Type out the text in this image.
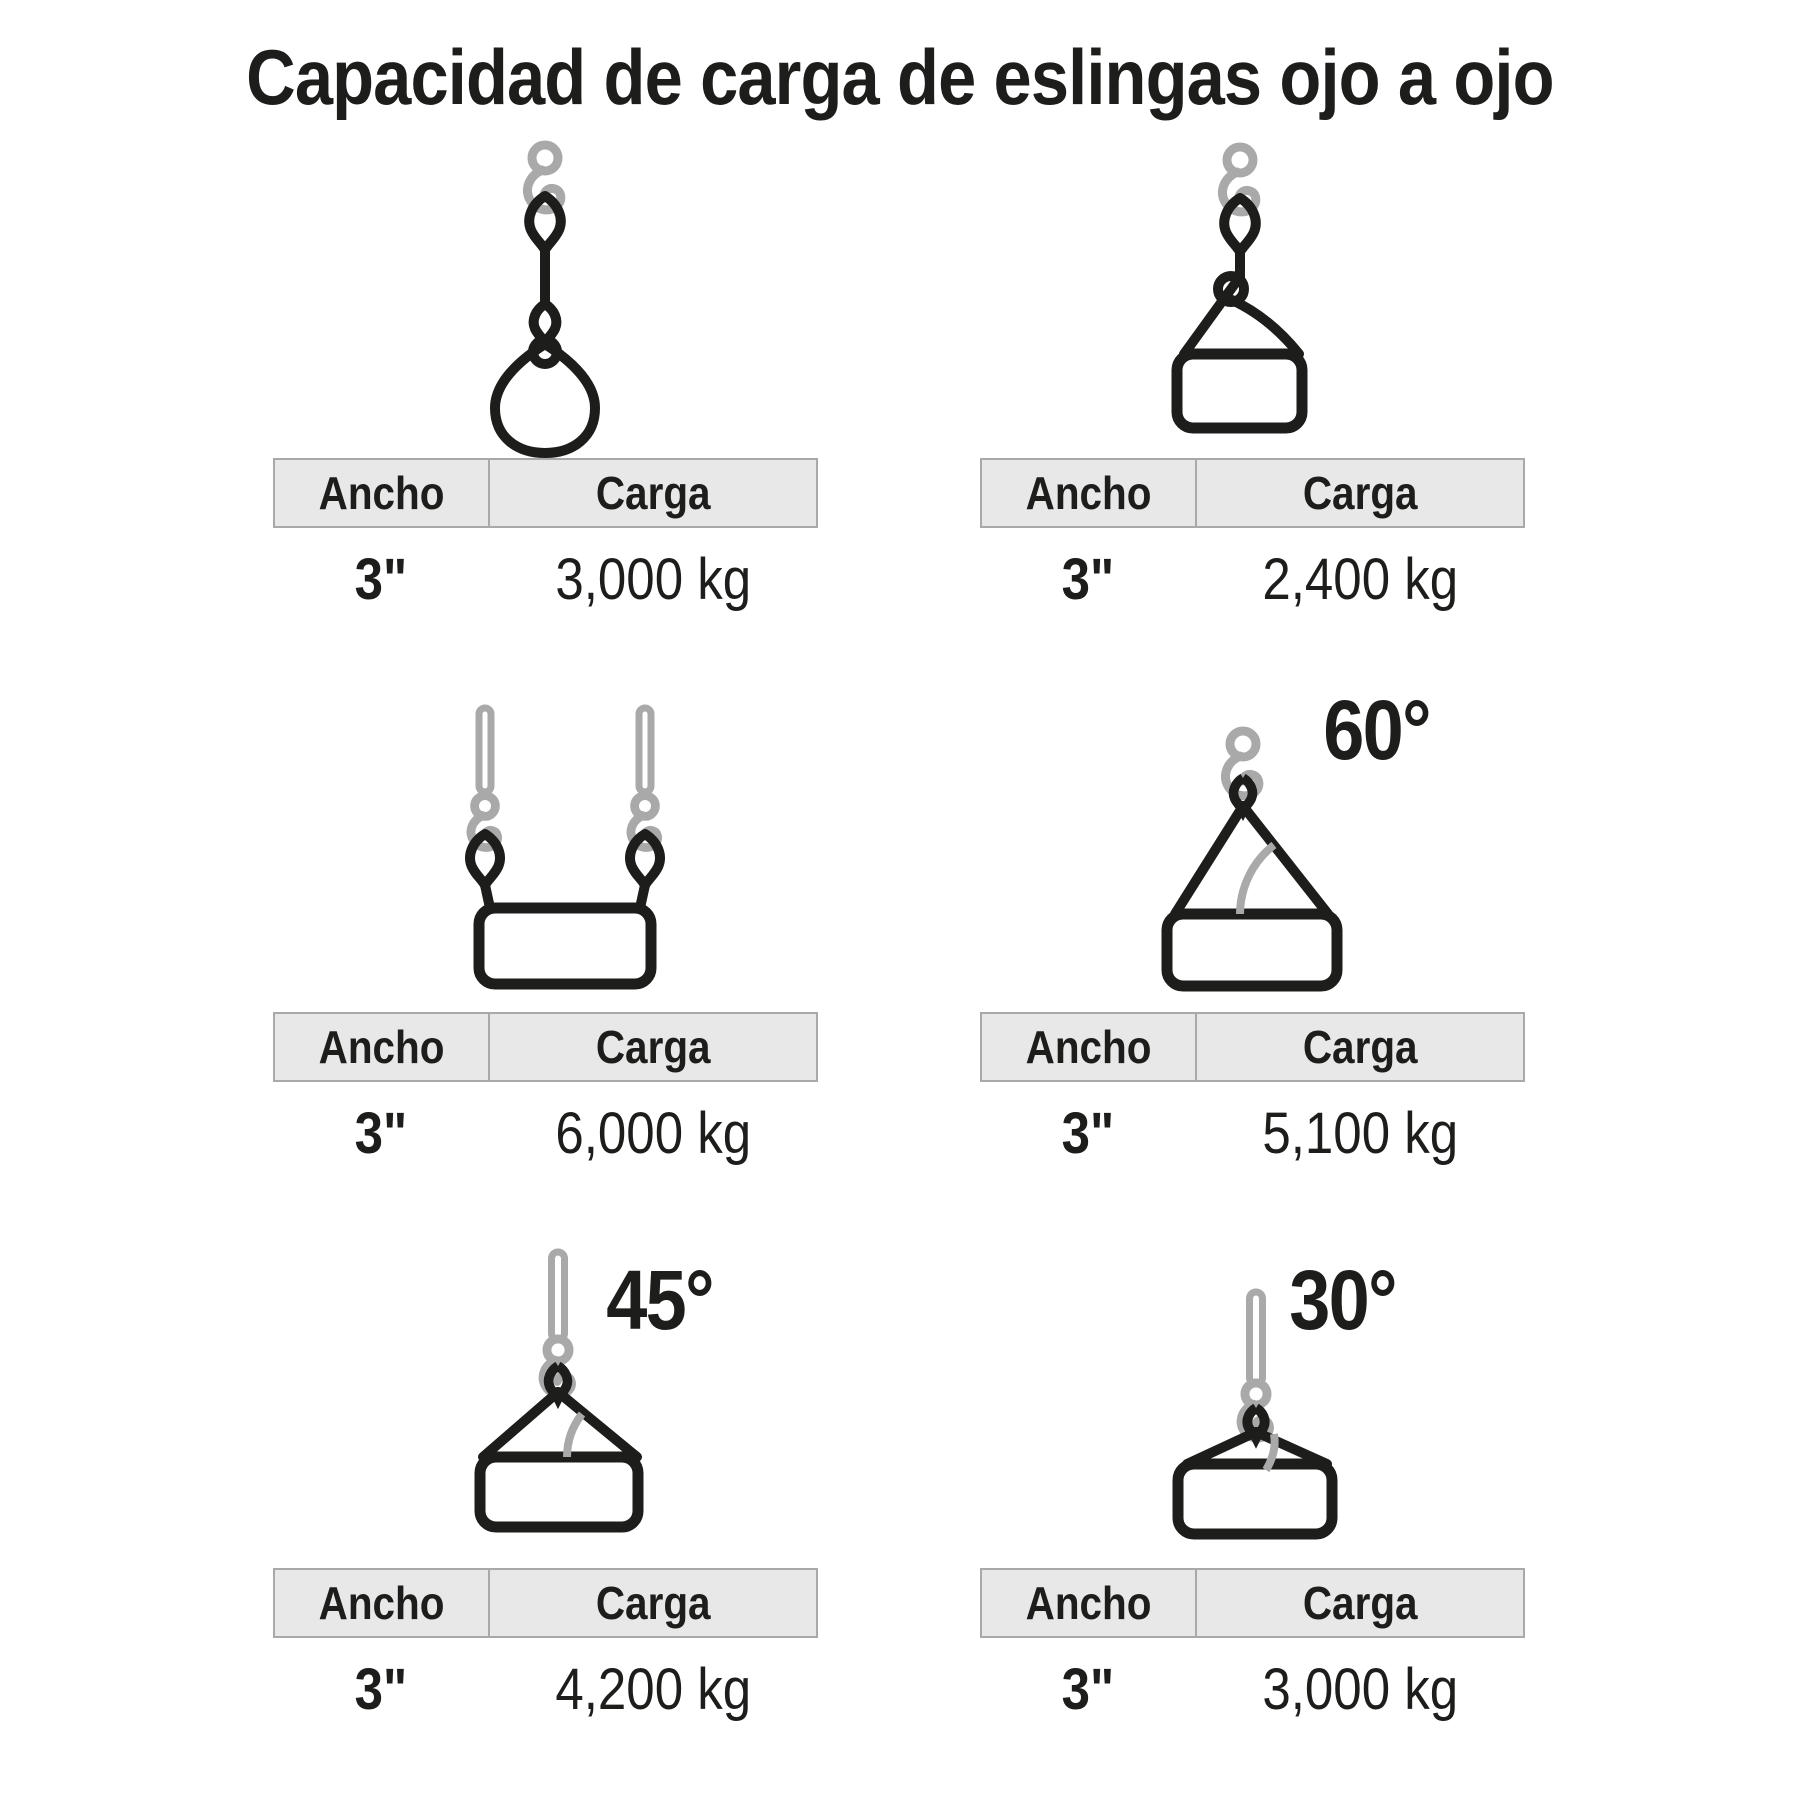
Capacidad de carga de eslingas ojo a ojo
Ancho	Carga
3"	3,000 kg
Ancho	Carga
3"	2,400 kg
Ancho	Carga
3"	6,000 kg
60°
Ancho	Carga
3"	5,100 kg
45°
Ancho	Carga
3"	4,200 kg
30°
Ancho	Carga
3"	3,000 kg
